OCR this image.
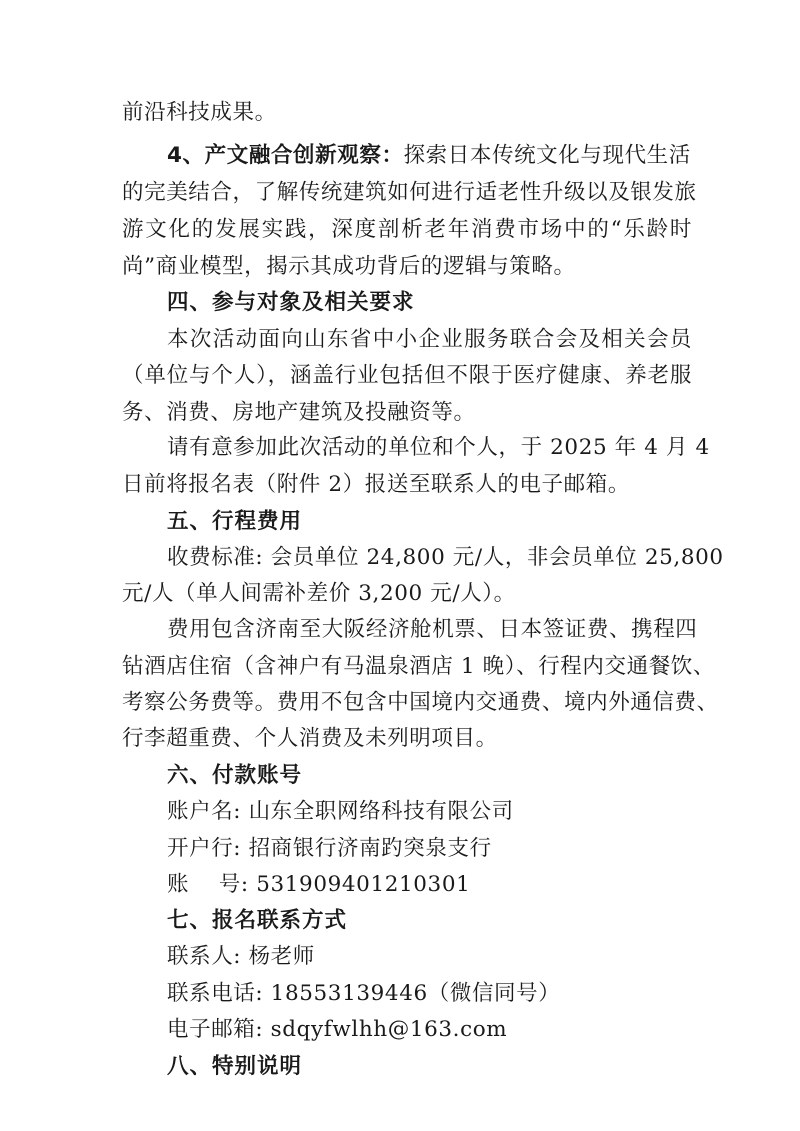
前沿科技成果。
4、产文融合创新观察：探索日本传统文化与现代生活
的完美结合，了解传统建筑如何进行适老性升级以及银发旅
游文化的发展实践，深度剖析老年消费市场中的“乐龄时
尚”商业模型，揭示其成功背后的逻辑与策略。
四、参与对象及相关要求
本次活动面向山东省中小企业服务联合会及相关会员
（单位与个人），涵盖行业包括但不限于医疗健康、养老服
务、消费、房地产建筑及投融资等。
请有意参加此次活动的单位和个人，于 2025 年 4 月 4
日前将报名表（附件 2）报送至联系人的电子邮箱。
五、行程费用
收费标准: 会员单位 24,800 元/人，非会员单位 25,800
元/人（单人间需补差价 3,200 元/人）。
费用包含济南至大阪经济舱机票、日本签证费、携程四
钻酒店住宿（含神户有马温泉酒店 1 晚）、行程内交通餐饮、
考察公务费等。费用不包含中国境内交通费、境内外通信费、
行李超重费、个人消费及未列明项目。
六、付款账号
账户名: 山东全职网络科技有限公司
开户行: 招商银行济南趵突泉支行
账    号: 531909401210301
七、报名联系方式
联系人: 杨老师
联系电话: 18553139446（微信同号）
电子邮箱: sdqyfwlhh@163.com
八、特别说明
